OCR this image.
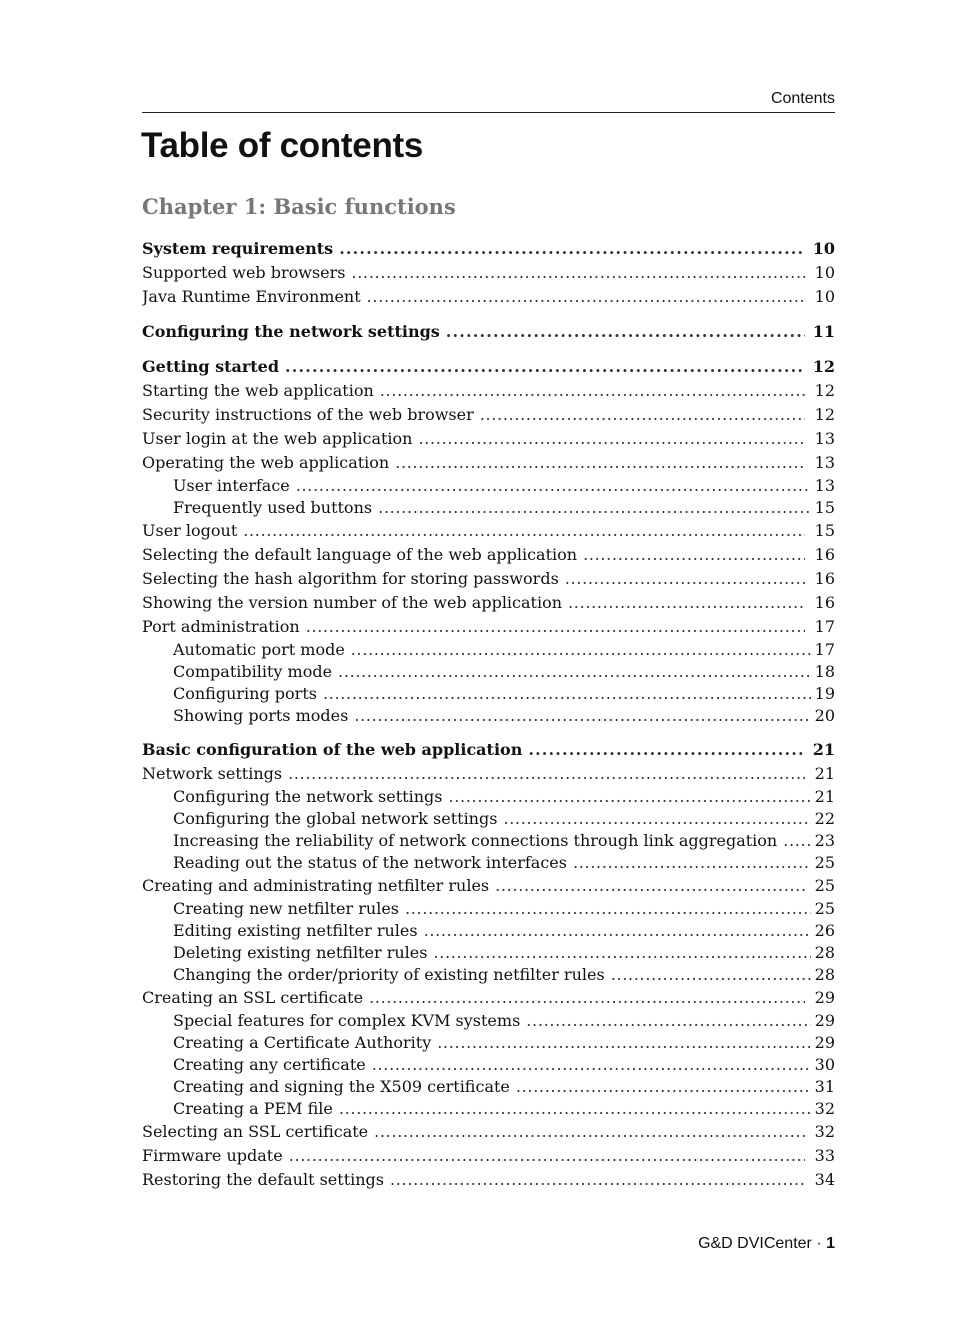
Contents
Table of contents
Chapter 1: Basic functions
System requirements . . .	10
Supported web browsers . . .	10
Java Runtime Environment . . .	10
Configuring the network settings . . .	11
Getting started . . .	12
Starting the web application . . .	12
Security instructions of the web browser . . .	12
User login at the web application . . .	13
Operating the web application . . .	13
User interface . . .	13
Frequently used buttons . . .	15
User logout . . .	15
Selecting the default language of the web application . . .	16
Selecting the hash algorithm for storing passwords . . .	16
Showing the version number of the web application . . .	16
Port administration . . .	17
Automatic port mode . . .	17
Compatibility mode . . .	18
Configuring ports . . .	19
Showing ports modes . . .	20
Basic configuration of the web application . . .	21
Network settings . . .	21
Configuring the network settings . . .	21
Configuring the global network settings . . .	22
Increasing the reliability of network connections through link aggregation . . .	23
Reading out the status of the network interfaces . . .	25
Creating and administrating netfilter rules . . .	25
Creating new netfilter rules . . .	25
Editing existing netfilter rules . . .	26
Deleting existing netfilter rules . . .	28
Changing the order/priority of existing netfilter rules . . .	28
Creating an SSL certificate . . .	29
Special features for complex KVM systems . . .	29
Creating a Certificate Authority . . .	29
Creating any certificate . . .	30
Creating and signing the X509 certificate . . .	31
Creating a PEM file . . .	32
Selecting an SSL certificate . . .	32
Firmware update . . .	33
Restoring the default settings . . .	34
G&D DVICenter · 1
